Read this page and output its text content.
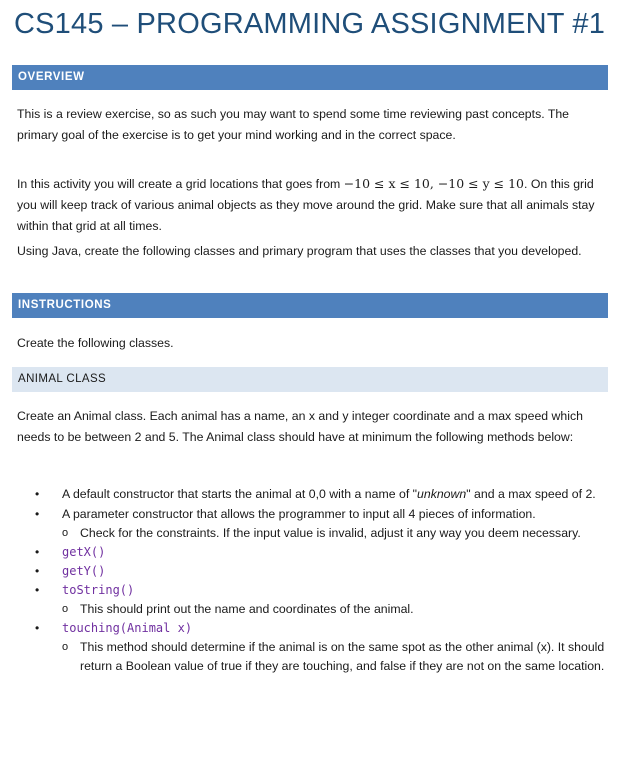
CS145 – PROGRAMMING ASSIGNMENT #1
OVERVIEW

This is a review exercise, so as such you may want to spend some time reviewing past concepts. The primary goal of the exercise is to get your mind working and in the correct space.

In this activity you will create a grid locations that goes from −10 ≤ x ≤ 10, −10 ≤ y ≤ 10. On this grid you will keep track of various animal objects as they move around the grid. Make sure that all animals stay within that grid at all times.

Using Java, create the following classes and primary program that uses the classes that you developed.

INSTRUCTIONS

Create the following classes.

ANIMAL CLASS

Create an Animal class. Each animal has a name, an x and y integer coordinate and a max speed which needs to be between 2 and 5. The Animal class should have at minimum the following methods below:

• A default constructor that starts the animal at 0,0 with a name of "unknown" and a max speed of 2.
• A parameter constructor that allows the programmer to input all 4 pieces of information.
o Check for the constraints. If the input value is invalid, adjust it any way you deem necessary.
• getX()
• getY()
• toString()
o This should print out the name and coordinates of the animal.
• touching(Animal x)
o This method should determine if the animal is on the same spot as the other animal (x). It should return a Boolean value of true if they are touching, and false if they are not on the same location.
